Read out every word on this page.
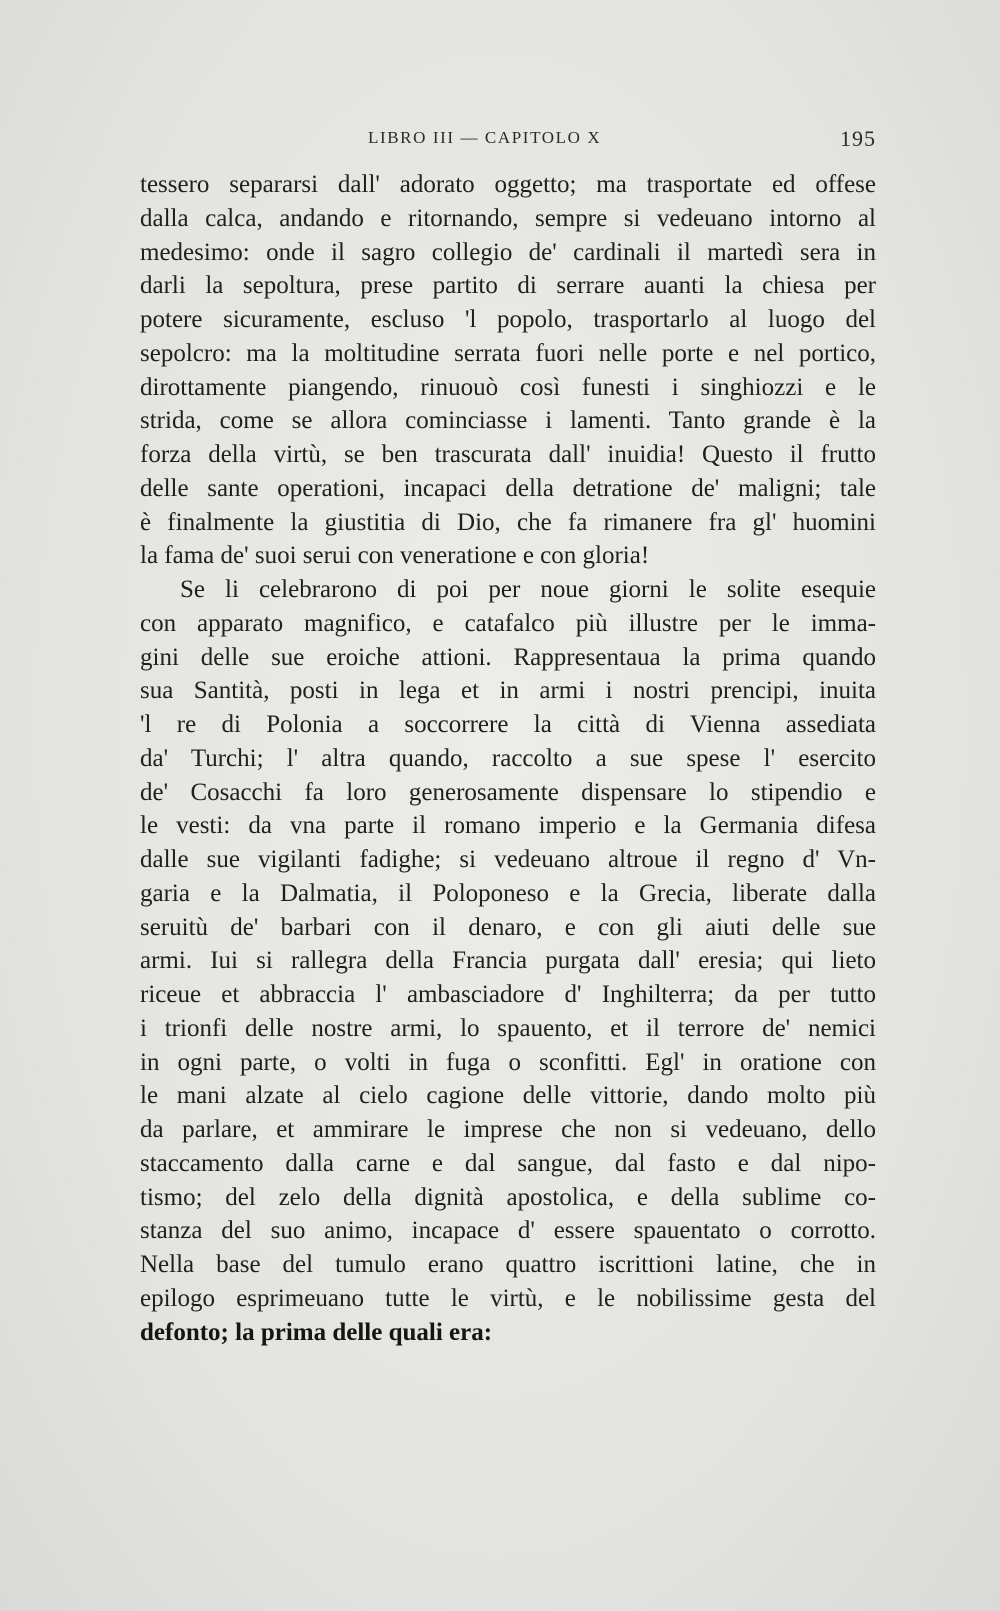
LIBRO III — CAPITOLO X	195
tessero separarsi dall' adorato oggetto; ma trasportate ed offese
dalla calca, andando e ritornando, sempre si vedeuano intorno al
medesimo: onde il sagro collegio de' cardinali il martedì sera in
darli la sepoltura, prese partito di serrare auanti la chiesa per
potere sicuramente, escluso 'l popolo, trasportarlo al luogo del
sepolcro: ma la moltitudine serrata fuori nelle porte e nel portico,
dirottamente piangendo, rinuouò così funesti i singhiozzi e le
strida, come se allora cominciasse i lamenti. Tanto grande è la
forza della virtù, se ben trascurata dall' inuidia! Questo il frutto
delle sante operationi, incapaci della detratione de' maligni; tale
è finalmente la giustitia di Dio, che fa rimanere fra gl' huomini
la fama de' suoi serui con veneratione e con gloria!
Se li celebrarono di poi per noue giorni le solite esequie
con apparato magnifico, e catafalco più illustre per le imma-
gini delle sue eroiche attioni. Rappresentaua la prima quando
sua Santità, posti in lega et in armi i nostri prencipi, inuita
'l re di Polonia a soccorrere la città di Vienna assediata
da' Turchi; l' altra quando, raccolto a sue spese l' esercito
de' Cosacchi fa loro generosamente dispensare lo stipendio e
le vesti: da vna parte il romano imperio e la Germania difesa
dalle sue vigilanti fadighe; si vedeuano altroue il regno d' Vn-
garia e la Dalmatia, il Poloponeso e la Grecia, liberate dalla
seruitù de' barbari con il denaro, e con gli aiuti delle sue
armi. Iui si rallegra della Francia purgata dall' eresia; qui lieto
riceue et abbraccia l' ambasciadore d' Inghilterra; da per tutto
i trionfi delle nostre armi, lo spauento, et il terrore de' nemici
in ogni parte, o volti in fuga o sconfitti. Egl' in oratione con
le mani alzate al cielo cagione delle vittorie, dando molto più
da parlare, et ammirare le imprese che non si vedeuano, dello
staccamento dalla carne e dal sangue, dal fasto e dal nipo-
tismo; del zelo della dignità apostolica, e della sublime co-
stanza del suo animo, incapace d' essere spauentato o corrotto.
Nella base del tumulo erano quattro iscrittioni latine, che in
epilogo esprimeuano tutte le virtù, e le nobilissime gesta del
defonto; la prima delle quali era:
